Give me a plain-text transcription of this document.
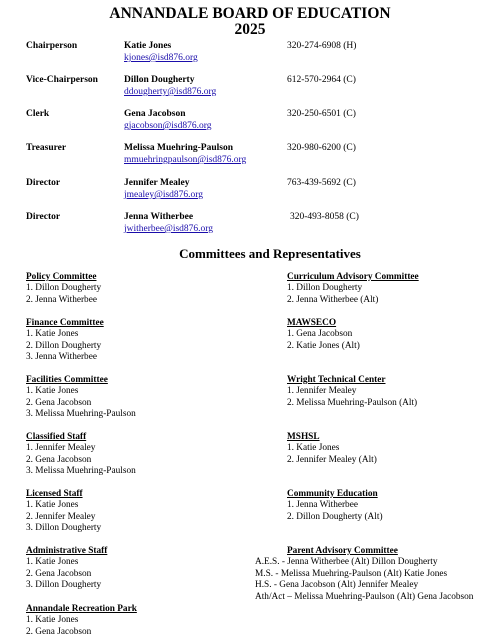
ANNANDALE BOARD OF EDUCATION
2025
Chairperson	Katie Jones
kjones@isd876.org
320-274-6908 (H)
Vice-Chairperson	Dillon Dougherty
ddougherty@isd876.org
612-570-2964 (C)
Clerk	Gena Jacobson
gjacobson@isd876.org
320-250-6501 (C)
Treasurer	Melissa Muehring-Paulson
mmuehringpaulson@isd876.org
320-980-6200 (C)
Director	Jennifer Mealey
jmealey@isd876.org
763-439-5692 (C)
Director	Jenna Witherbee
jwitherbee@isd876.org
320-493-8058 (C)
Committees and Representatives
Policy Committee
1. Dillon Dougherty
2. Jenna Witherbee
Finance Committee
1. Katie Jones
2. Dillon Dougherty
3. Jenna Witherbee
Facilities Committee
1. Katie Jones
2. Gena Jacobson
3. Melissa Muehring-Paulson
Classified Staff
1. Jennifer Mealey
2. Gena Jacobson
3. Melissa Muehring-Paulson
Licensed Staff
1. Katie Jones
2. Jennifer Mealey
3. Dillon Dougherty
Administrative Staff
1. Katie Jones
2. Gena Jacobson
3. Dillon Dougherty
Annandale Recreation Park
1. Katie Jones
2. Gena Jacobson
Curriculum Advisory Committee
1. Dillon Dougherty
2. Jenna Witherbee (Alt)
MAWSECO
1. Gena Jacobson
2. Katie Jones (Alt)
Wright Technical Center
1. Jennifer Mealey
2. Melissa Muehring-Paulson (Alt)
MSHSL
1. Katie Jones
2. Jennifer Mealey (Alt)
Community Education
1. Jenna Witherbee
2. Dillon Dougherty (Alt)
Parent Advisory Committee
A.E.S. - Jenna Witherbee (Alt) Dillon Dougherty
M.S. - Melissa Muehring-Paulson (Alt) Katie Jones
H.S. - Gena Jacobson (Alt) Jennifer Mealey
Ath/Act – Melissa Muehring-Paulson (Alt) Gena Jacobson
